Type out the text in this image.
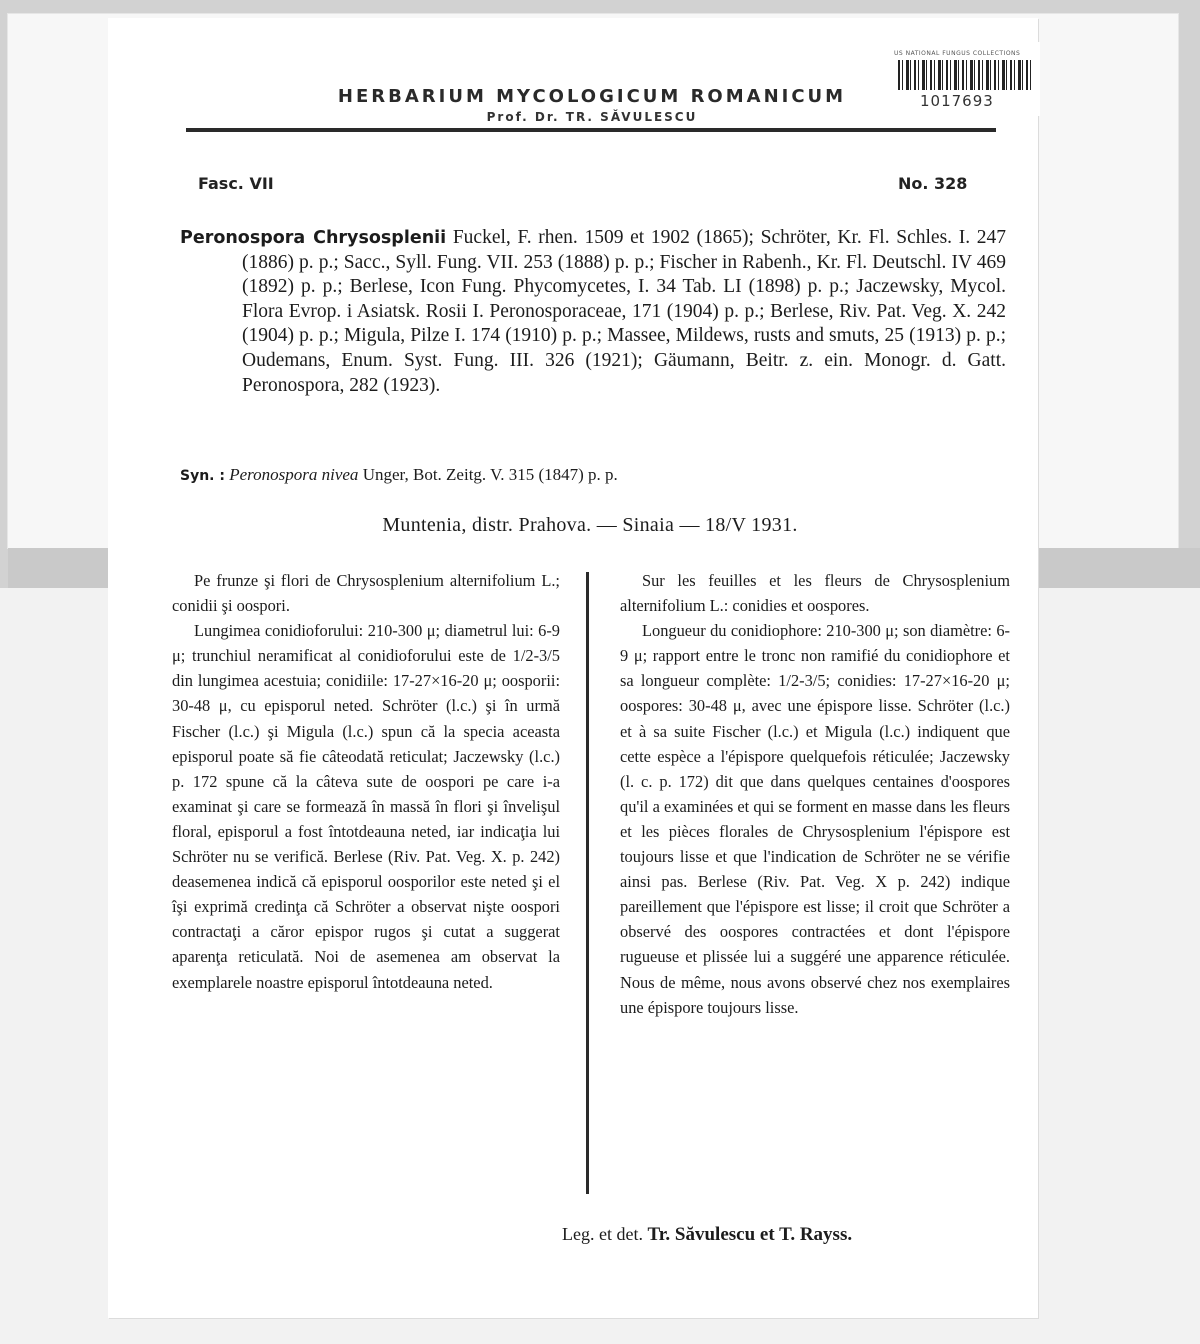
US NATIONAL FUNGUS COLLECTIONS
1017693
HERBARIUM MYCOLOGICUM ROMANICUM
Prof. Dr. TR. SĂVULESCU
Fasc. VII	No. 328

Peronospora Chrysosplenii Fuckel, F. rhen. 1509 et 1902 (1865); Schröter, Kr. Fl. Schles. I. 247 (1886) p. p.; Sacc., Syll. Fung. VII. 253 (1888) p. p.; Fischer in Rabenh., Kr. Fl. Deutschl. IV 469 (1892) p. p.; Berlese, Icon Fung. Phycomycetes, I. 34 Tab. LI (1898) p. p.; Jaczewsky, Mycol. Flora Evrop. i Asiatsk. Rosii I. Peronosporaceae, 171 (1904) p. p.; Berlese, Riv. Pat. Veg. X. 242 (1904) p. p.; Migula, Pilze I. 174 (1910) p. p.; Massee, Mildews, rusts and smuts, 25 (1913) p. p.; Oudemans, Enum. Syst. Fung. III. 326 (1921); Gäumann, Beitr. z. ein. Monogr. d. Gatt. Peronospora, 282 (1923).

Syn. : Peronospora nivea Unger, Bot. Zeitg. V. 315 (1847) p. p.
Muntenia, distr. Prahova. — Sinaia — 18/V 1931.

Pe frunze şi flori de Chrysosplenium alternifolium L.; conidii şi oospori.

Lungimea conidioforului: 210-300 μ; diametrul lui: 6-9 μ; trunchiul neramificat al conidioforului este de 1/2-3/5 din lungimea acestuia; conidiile: 17-27×16-20 μ; oosporii: 30-48 μ, cu episporul neted. Schröter (l.c.) şi în urmă Fischer (l.c.) şi Migula (l.c.) spun că la specia aceasta episporul poate să fie câteodată reticulat; Jaczewsky (l.c.) p. 172 spune că la câteva sute de oospori pe care i-a examinat şi care se formează în massă în flori şi învelişul floral, episporul a fost întotdeauna neted, iar indicaţia lui Schröter nu se verifică. Berlese (Riv. Pat. Veg. X. p. 242) deasemenea indică că episporul oosporilor este neted şi el îşi exprimă credinţa că Schröter a observat nişte oospori contractaţi a căror epispor rugos şi cutat a suggerat aparenţa reticulată. Noi de asemenea am observat la exemplarele noastre episporul întotdeauna neted.

Sur les feuilles et les fleurs de Chrysosplenium alternifolium L.: conidies et oospores.

Longueur du conidiophore: 210-300 μ; son diamètre: 6-9 μ; rapport entre le tronc non ramifié du conidiophore et sa longueur complète: 1/2-3/5; conidies: 17-27×16-20 μ; oospores: 30-48 μ, avec une épispore lisse. Schröter (l.c.) et à sa suite Fischer (l.c.) et Migula (l.c.) indiquent que cette espèce a l'épispore quelquefois réticulée; Jaczewsky (l. c. p. 172) dit que dans quelques centaines d'oospores qu'il a examinées et qui se forment en masse dans les fleurs et les pièces florales de Chrysosplenium l'épispore est toujours lisse et que l'indication de Schröter ne se vérifie ainsi pas. Berlese (Riv. Pat. Veg. X p. 242) indique pareillement que l'épispore est lisse; il croit que Schröter a observé des oospores contractées et dont l'épispore rugueuse et plissée lui a suggéré une apparence réticulée. Nous de même, nous avons observé chez nos exemplaires une épispore toujours lisse.

Leg. et det. Tr. Săvulescu et T. Rayss.
